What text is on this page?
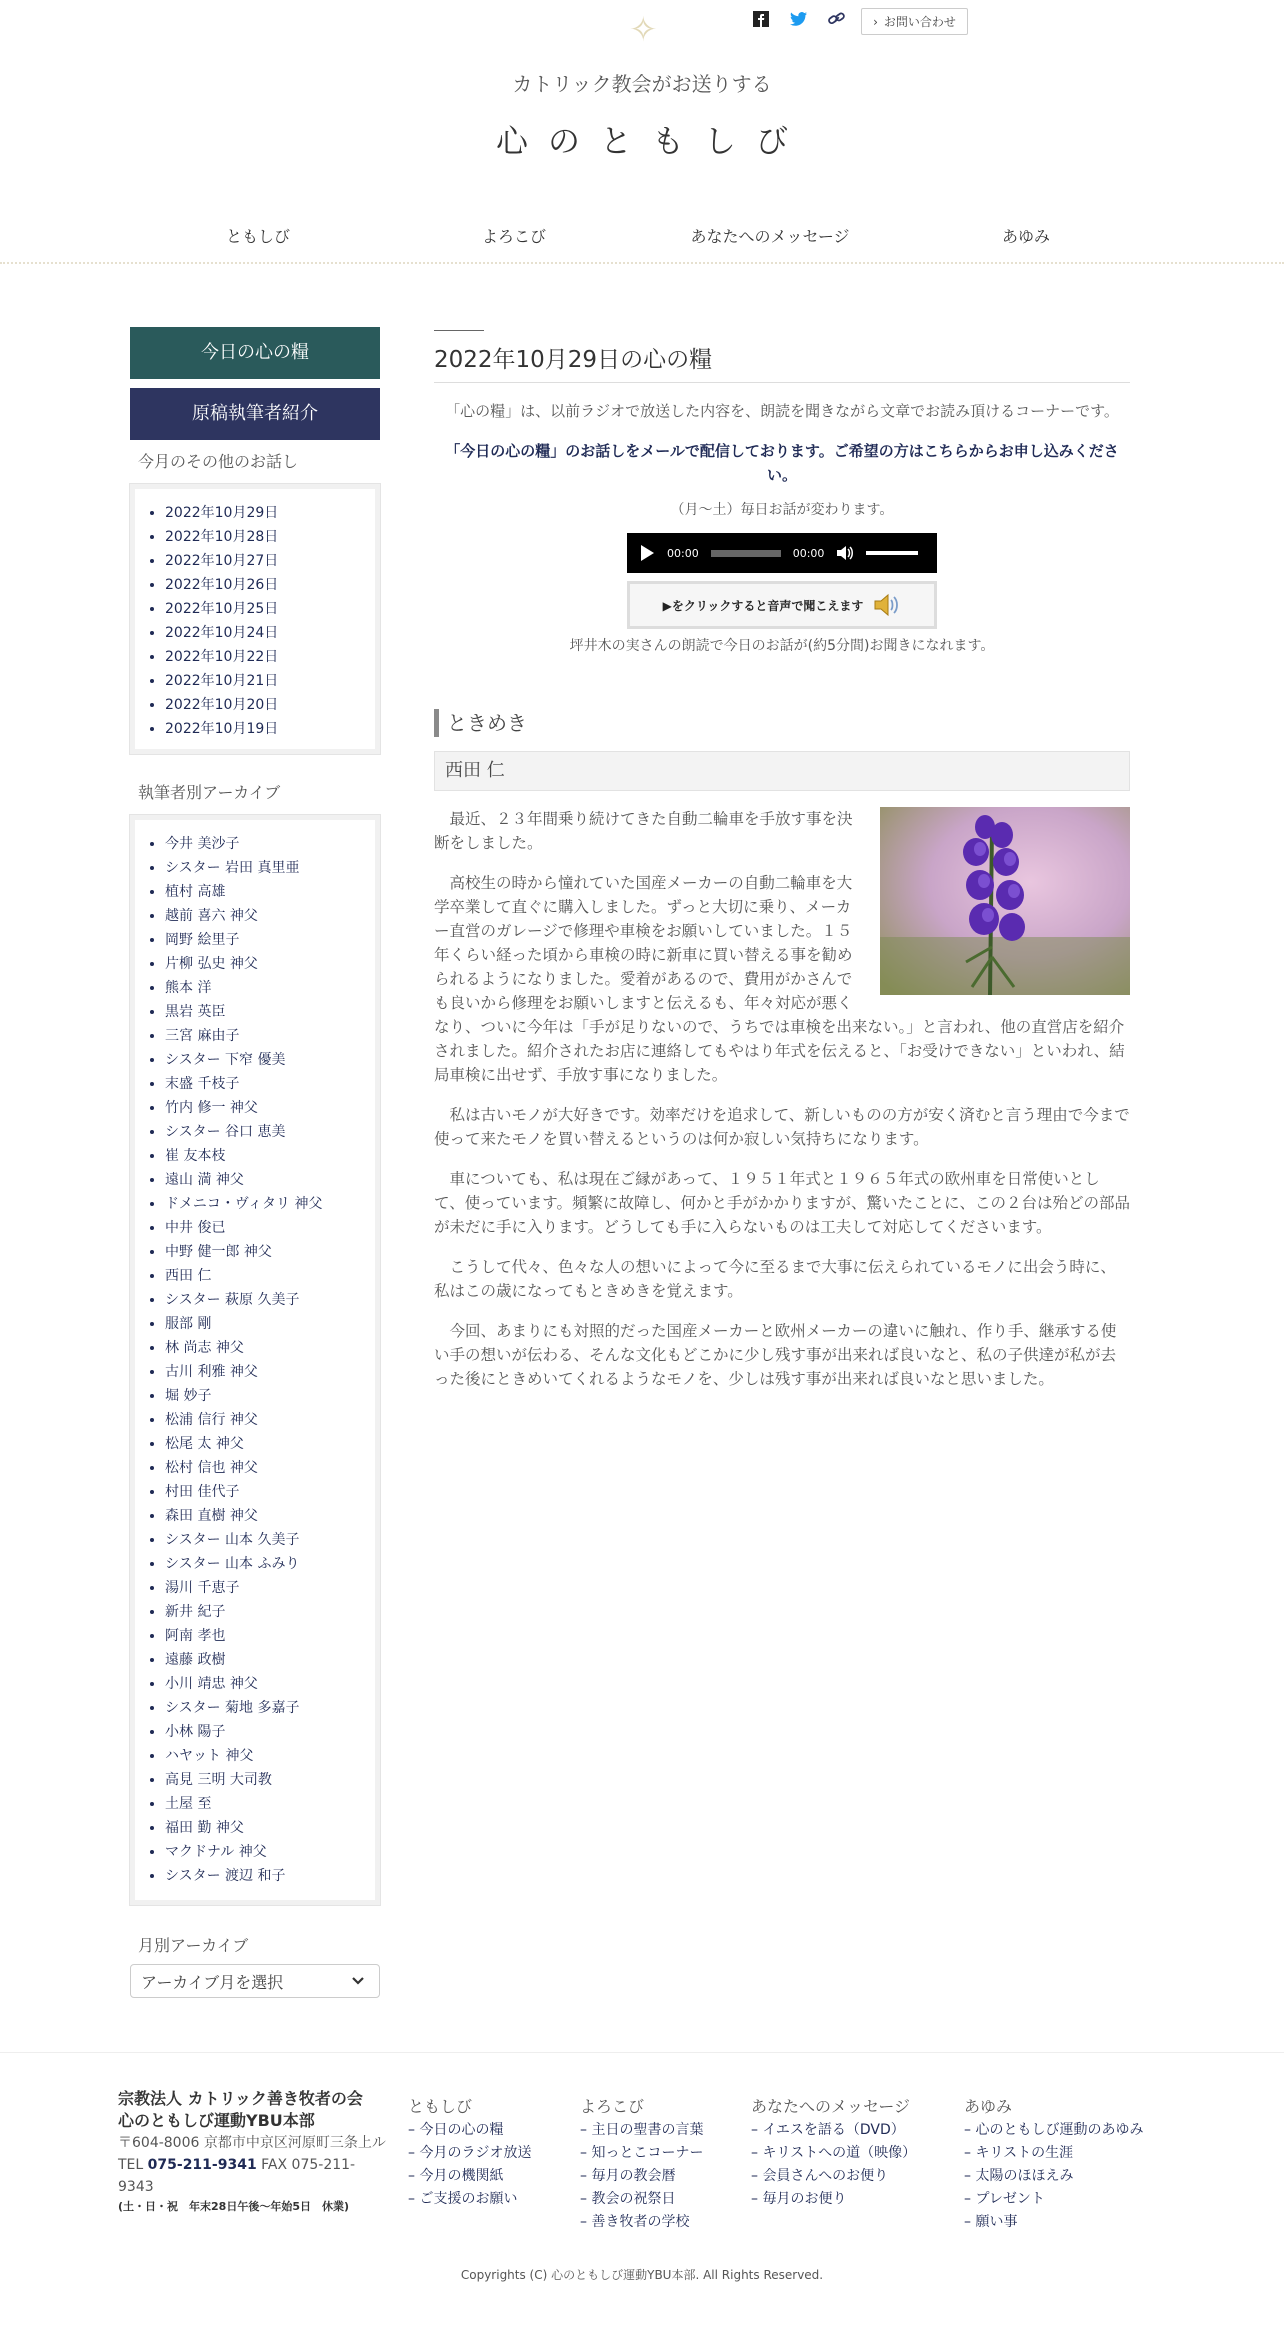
✧	› お問い合わせ
カトリック教会がお送りする
心のともしび
ともしび	よろこび	あなたへのメッセージ	あゆみ
今日の心の糧
原稿執筆者紹介
今月のその他のお話し
• 2022年10月29日
• 2022年10月28日
• 2022年10月27日
• 2022年10月26日
• 2022年10月25日
• 2022年10月24日
• 2022年10月22日
• 2022年10月21日
• 2022年10月20日
• 2022年10月19日
執筆者別アーカイブ
• 今井 美沙子
• シスター 岩田 真里亜
• 植村 高雄
• 越前 喜六 神父
• 岡野 絵里子
• 片柳 弘史 神父
• 熊本 洋
• 黒岩 英臣
• 三宮 麻由子
• シスター 下窄 優美
• 末盛 千枝子
• 竹内 修一 神父
• シスター 谷口 恵美
• 崔 友本枝
• 遠山 満 神父
• ドメニコ・ヴィタリ 神父
• 中井 俊已
• 中野 健一郎 神父
• 西田 仁
• シスター 萩原 久美子
• 服部 剛
• 林 尚志 神父
• 古川 利雅 神父
• 堀 妙子
• 松浦 信行 神父
• 松尾 太 神父
• 松村 信也 神父
• 村田 佳代子
• 森田 直樹 神父
• シスター 山本 久美子
• シスター 山本 ふみり
• 湯川 千恵子
• 新井 紀子
• 阿南 孝也
• 遠藤 政樹
• 小川 靖忠 神父
• シスター 菊地 多嘉子
• 小林 陽子
• ハヤット 神父
• 高見 三明 大司教
• 土屋 至
• 福田 勤 神父
• マクドナル 神父
• シスター 渡辺 和子
月別アーカイブ
アーカイブ月を選択
2022年10月29日の心の糧
「心の糧」は、以前ラジオで放送した内容を、朗読を聞きながら文章でお読み頂けるコーナーです。
「今日の心の糧」のお話しをメールで配信しております。ご希望の方はこちらからお申し込みください。
（月～土）毎日お話が変わります。
00:00	00:00
▶をクリックすると音声で聞こえます
坪井木の実さんの朗読で今日のお話が(約5分間)お聞きになれます。
ときめき
西田 仁

最近、２３年間乗り続けてきた自動二輪車を手放す事を決断をしました。

高校生の時から憧れていた国産メーカーの自動二輪車を大学卒業して直ぐに購入しました。ずっと大切に乗り、メーカー直営のガレージで修理や車検をお願いしていました。１５年くらい経った頃から車検の時に新車に買い替える事を勧められるようになりました。愛着があるので、費用がかさんでも良いから修理をお願いしますと伝えるも、年々対応が悪くなり、ついに今年は「手が足りないので、うちでは車検を出来ない。」と言われ、他の直営店を紹介されました。紹介されたお店に連絡してもやはり年式を伝えると、「お受けできない」といわれ、結局車検に出せず、手放す事になりました。

私は古いモノが大好きです。効率だけを追求して、新しいものの方が安く済むと言う理由で今まで使って来たモノを買い替えるというのは何か寂しい気持ちになります。

車についても、私は現在ご縁があって、１９５１年式と１９６５年式の欧州車を日常使いとして、使っています。頻繁に故障し、何かと手がかかりますが、驚いたことに、この２台は殆どの部品が未だに手に入ります。どうしても手に入らないものは工夫して対応してくださいます。

こうして代々、色々な人の想いによって今に至るまで大事に伝えられているモノに出会う時に、私はこの歳になってもときめきを覚えます。

今回、あまりにも対照的だった国産メーカーと欧州メーカーの違いに触れ、作り手、継承する使い手の想いが伝わる、そんな文化もどこかに少し残す事が出来れば良いなと、私の子供達が私が去った後にときめいてくれるようなモノを、少しは残す事が出来れば良いなと思いました。

宗教法人 カトリック善き牧者の会
心のともしび運動YBU本部
〒604-8006 京都市中京区河原町三条上ル
TEL 075-211-9341 FAX 075-211-9343
(土・日・祝　年末28日午後〜年始5日　休業)
ともしび
– 今日の心の糧
– 今月のラジオ放送
– 今月の機関紙
– ご支援のお願い
よろこび
– 主日の聖書の言葉
– 知っとこコーナー
– 毎月の教会暦
– 教会の祝祭日
– 善き牧者の学校
あなたへのメッセージ
– イエスを語る（DVD）
– キリストへの道（映像）
– 会員さんへのお便り
– 毎月のお便り
あゆみ
– 心のともしび運動のあゆみ
– キリストの生涯
– 太陽のほほえみ
– プレゼント
– 願い事
Copyrights (C) 心のともしび運動YBU本部. All Rights Reserved.
